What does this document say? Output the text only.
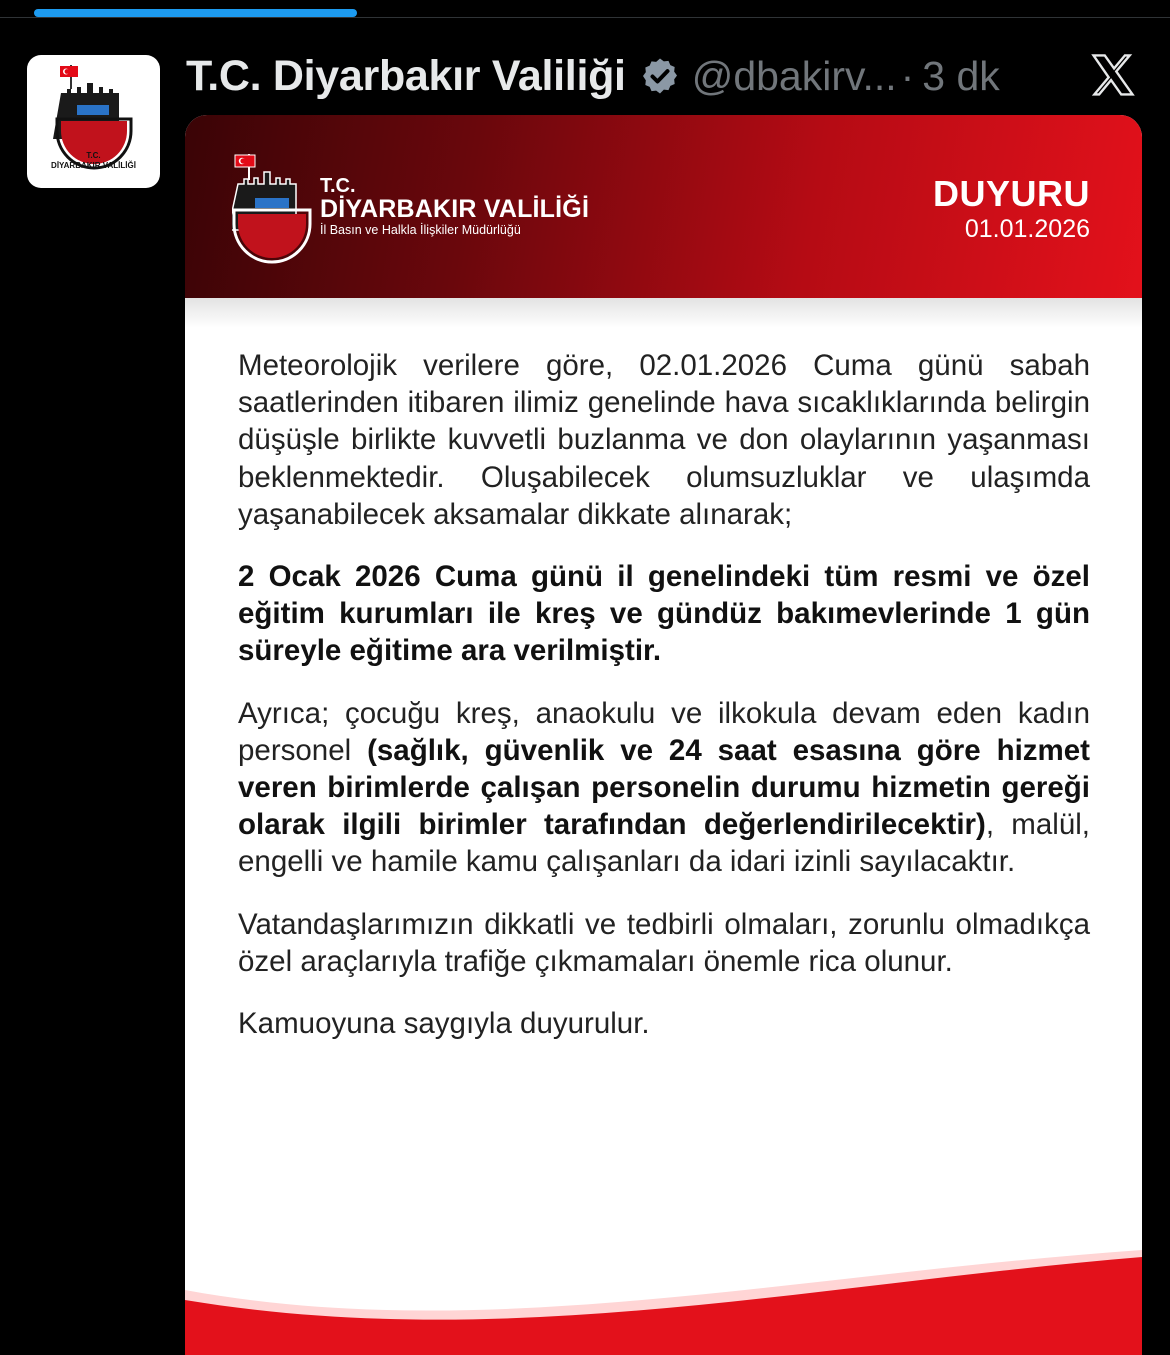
T.C.
DİYARBAKIR VALİLİĞİ
T.C. Diyarbakır Valiliği @dbakirv... · 3 dk
T.C.
DİYARBAKIR VALİLİĞİ
İl Basın ve Halkla İlişkiler Müdürlüğü
DUYURU
01.01.2026

Meteorolojik verilere göre, 02.01.2026 Cuma günü sabah saatlerinden itibaren ilimiz genelinde hava sıcaklıklarında belirgin düşüşle birlikte kuvvetli buzlanma ve don olaylarının yaşanması beklenmektedir. Oluşabilecek olumsuzluklar ve ulaşımda yaşanabilecek aksamalar dikkate alınarak;

2 Ocak 2026 Cuma günü il genelindeki tüm resmi ve özel eğitim kurumları ile kreş ve gündüz bakımevlerinde 1 gün süreyle eğitime ara verilmiştir.

Ayrıca; çocuğu kreş, anaokulu ve ilkokula devam eden kadın personel (sağlık, güvenlik ve 24 saat esasına göre hizmet veren birimlerde çalışan personelin durumu hizmetin gereği olarak ilgili birimler tarafından değerlendirilecektir), malül, engelli ve hamile kamu çalışanları da idari izinli sayılacaktır.

Vatandaşlarımızın dikkatli ve tedbirli olmaları, zorunlu olmadıkça özel araçlarıyla trafiğe çıkmamaları önemle rica olunur.

Kamuoyuna saygıyla duyurulur.
